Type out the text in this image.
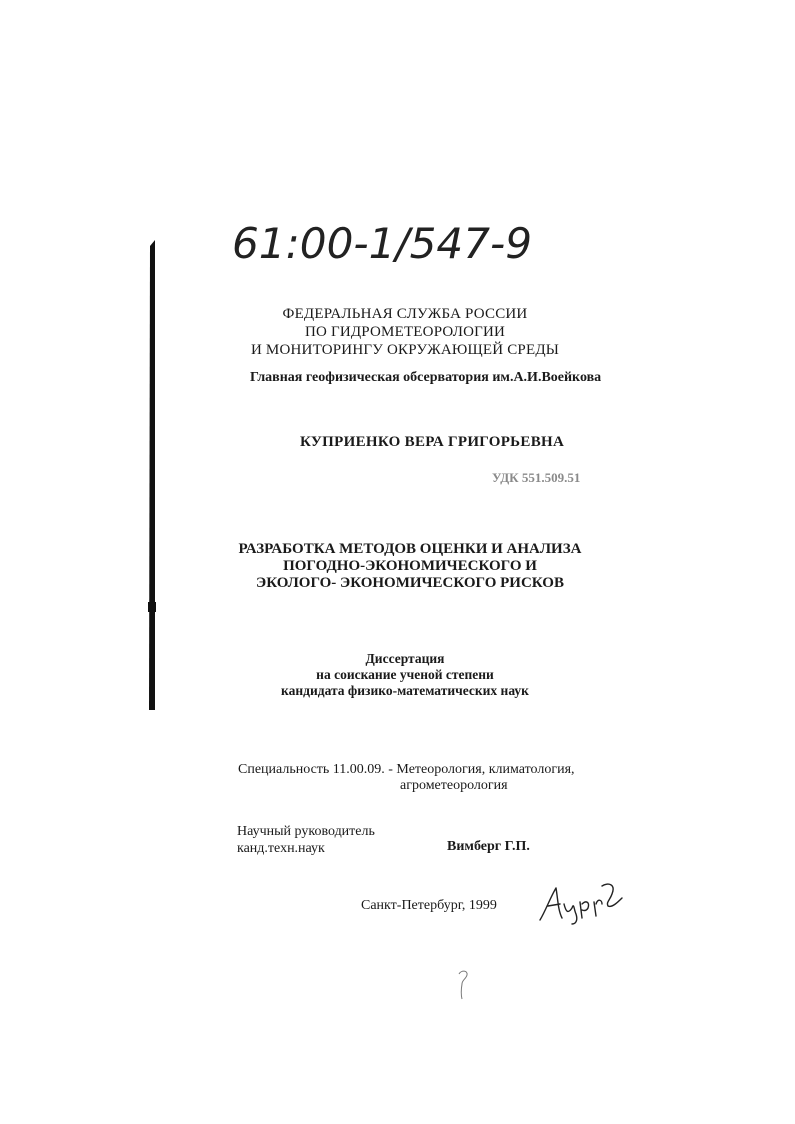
61:00-1/547-9
ФЕДЕРАЛЬНАЯ СЛУЖБА РОССИИ
ПО ГИДРОМЕТЕОРОЛОГИИ
И МОНИТОРИНГУ ОКРУЖАЮЩЕЙ СРЕДЫ
Главная геофизическая обсерватория им.А.И.Воейкова
КУПРИЕНКО ВЕРА ГРИГОРЬЕВНА
УДК 551.509.51
РАЗРАБОТКА МЕТОДОВ ОЦЕНКИ И АНАЛИЗА
ПОГОДНО-ЭКОНОМИЧЕСКОГО И
ЭКОЛОГО- ЭКОНОМИЧЕСКОГО РИСКОВ
Диссертация
на соискание ученой степени
кандидата физико-математических наук
Специальность 11.00.09. - Метеорология, климатология,
агрометеорология
Научный руководитель
канд.техн.наук	Вимберг Г.П.
Санкт-Петербург, 1999
